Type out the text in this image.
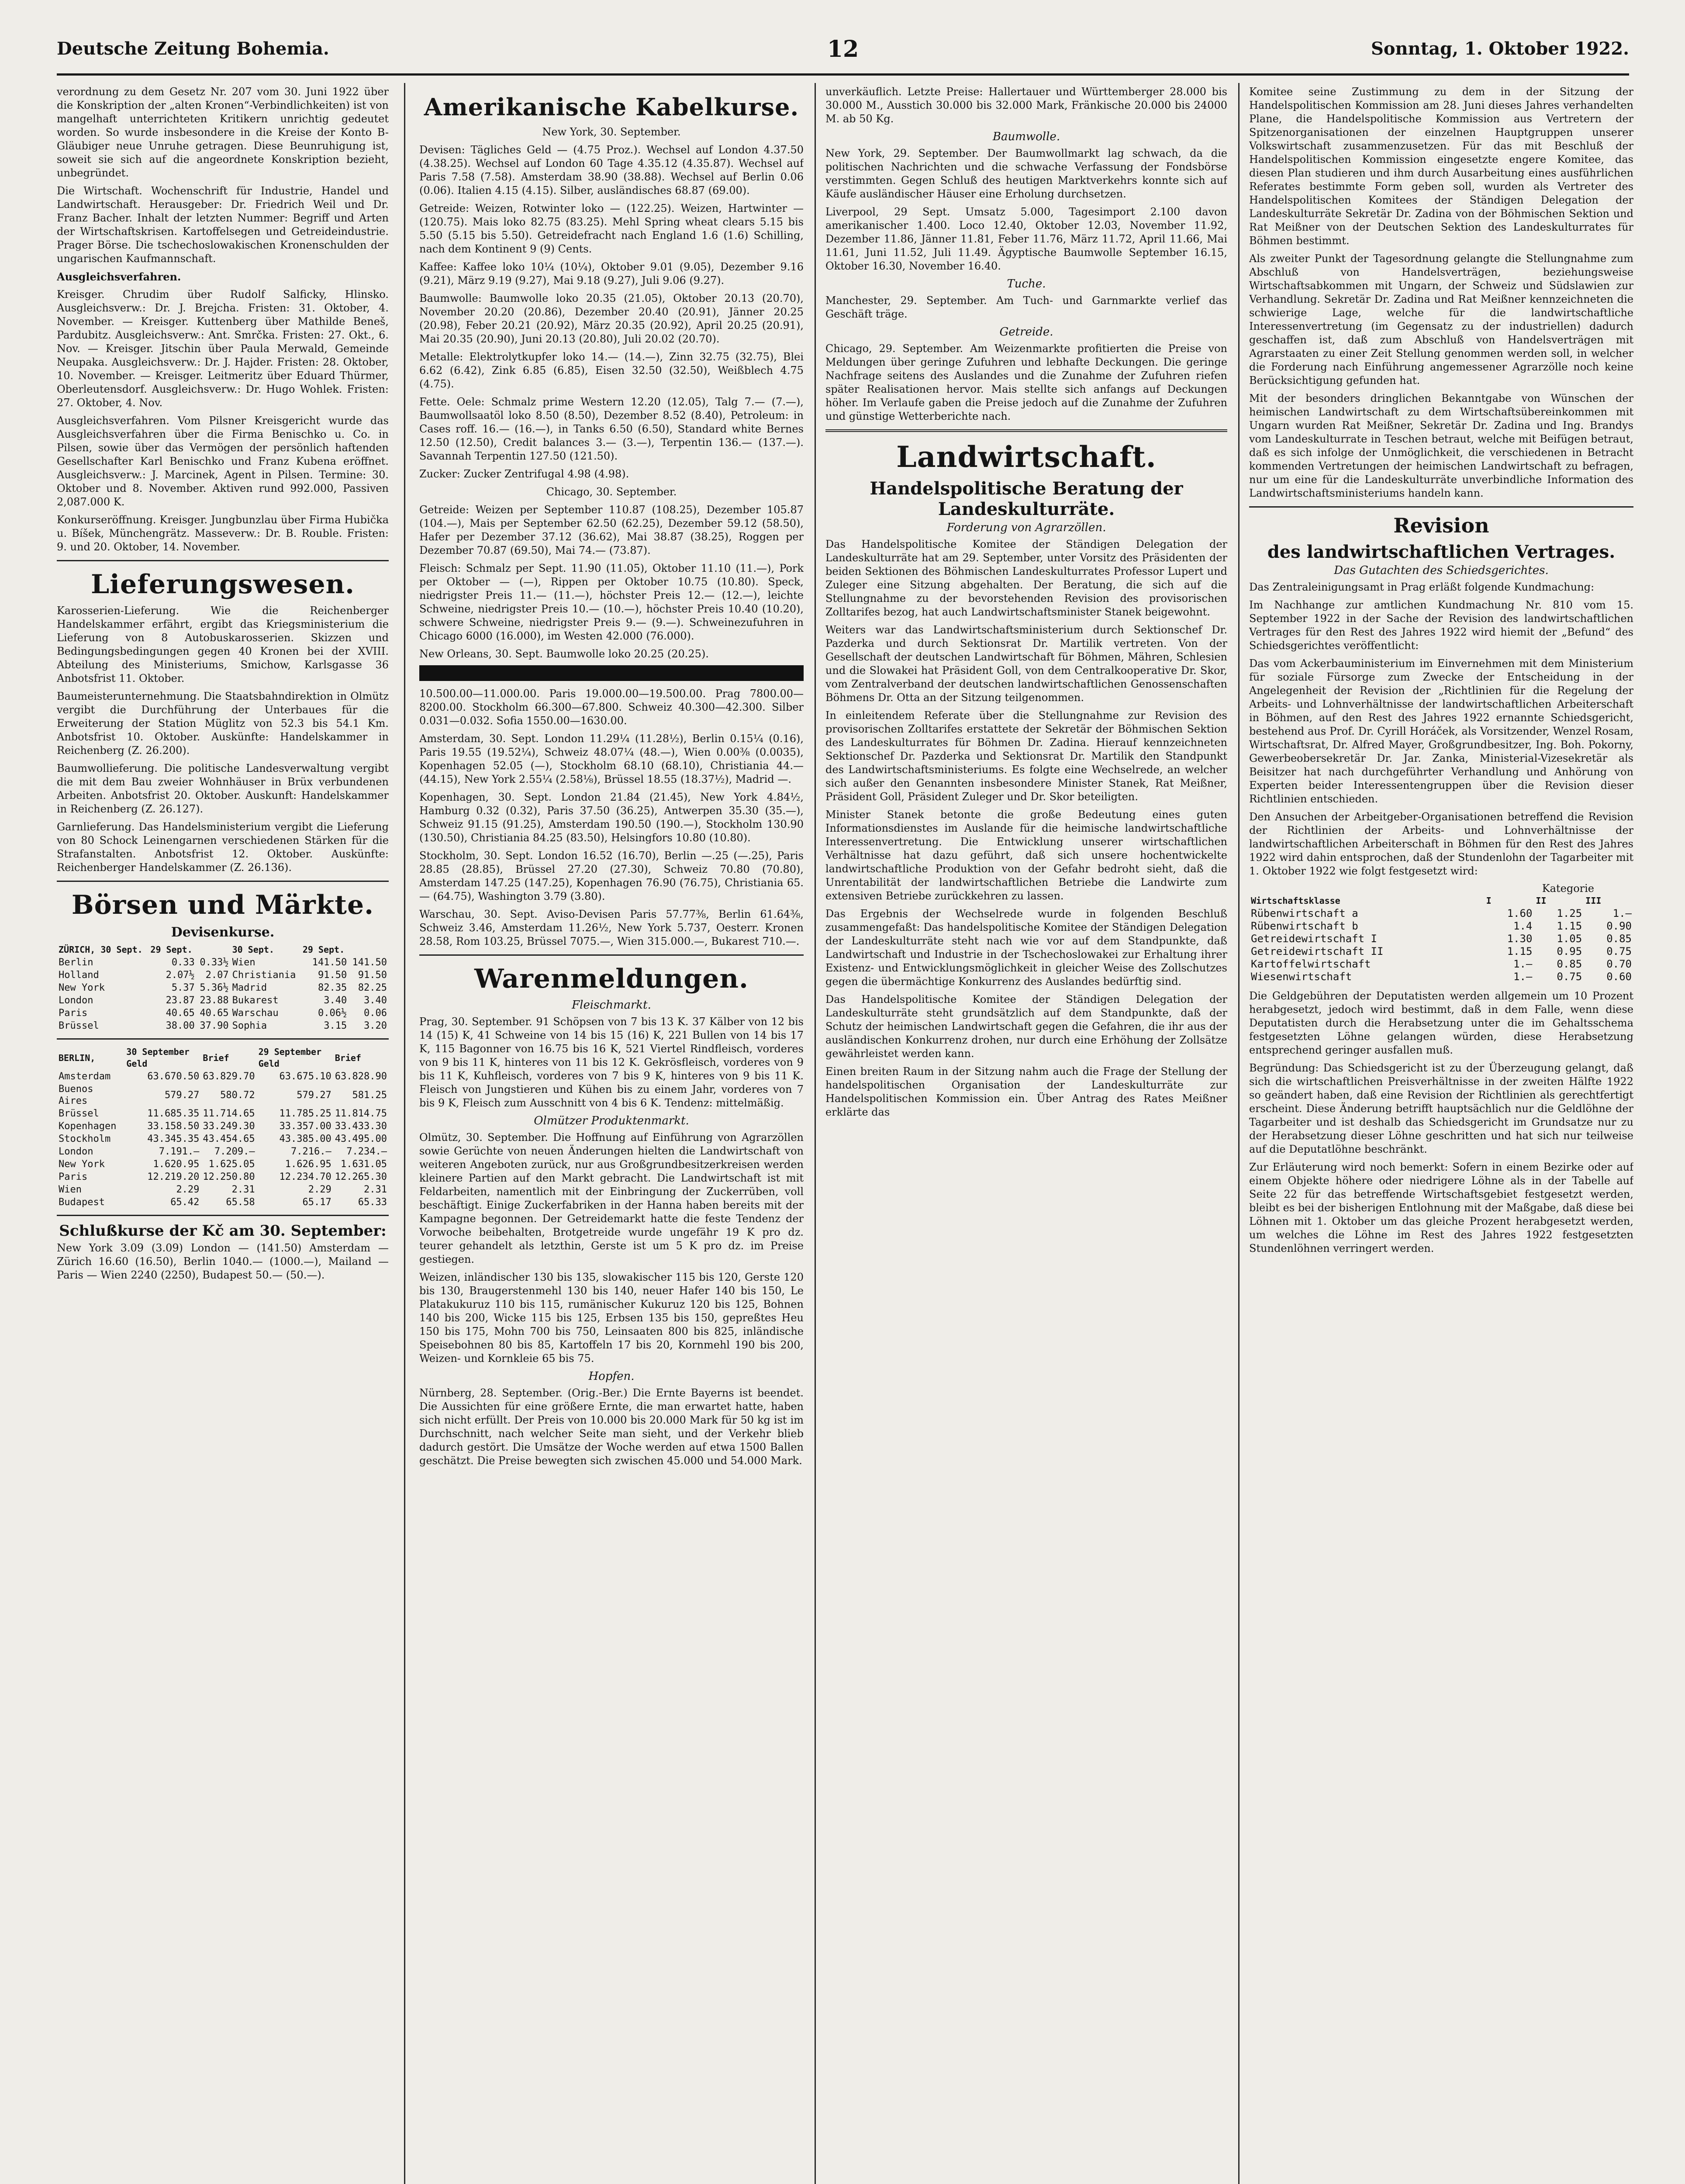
Deutsche Zeitung Bohemia.	12	Sonntag, 1. Oktober 1922.

verordnung zu dem Gesetz Nr. 207 vom 30. Juni 1922 über die Konskription der „alten Kronen“-Verbindlichkeiten) ist von mangelhaft unterrichteten Kritikern unrichtig gedeutet worden. So wurde insbesondere in die Kreise der Konto B-Gläubiger neue Unruhe getragen. Diese Beunruhigung ist, soweit sie sich auf die angeordnete Konskription bezieht, unbegründet.

Die Wirtschaft. Wochenschrift für Industrie, Handel und Landwirtschaft. Herausgeber: Dr. Friedrich Weil und Dr. Franz Bacher. Inhalt der letzten Nummer: Begriff und Arten der Wirtschaftskrisen. Kartoffelsegen und Getreideindustrie. Prager Börse. Die tschechoslowakischen Kronenschulden der ungarischen Kaufmannschaft.

Ausgleichsverfahren.

Kreisger. Chrudim über Rudolf Salficky, Hlinsko. Ausgleichsverw.: Dr. J. Brejcha. Fristen: 31. Oktober, 4. November. — Kreisger. Kuttenberg über Mathilde Beneš, Pardubitz. Ausgleichsverw.: Ant. Smrčka. Fristen: 27. Okt., 6. Nov. — Kreisger. Jitschin über Paula Merwald, Gemeinde Neupaka. Ausgleichsverw.: Dr. J. Hajder. Fristen: 28. Oktober, 10. November. — Kreisger. Leitmeritz über Eduard Thürmer, Oberleutensdorf. Ausgleichsverw.: Dr. Hugo Wohlek. Fristen: 27. Oktober, 4. Nov.

Ausgleichsverfahren. Vom Pilsner Kreisgericht wurde das Ausgleichsverfahren über die Firma Benischko u. Co. in Pilsen, sowie über das Vermögen der persönlich haftenden Gesellschafter Karl Benischko und Franz Kubena eröffnet. Ausgleichsverw.: J. Marcinek, Agent in Pilsen. Termine: 30. Oktober und 8. November. Aktiven rund 992.000, Passiven 2,087.000 K.

Konkurseröffnung. Kreisger. Jungbunzlau über Firma Hubička u. Bíšek, Münchengrätz. Masseverw.: Dr. B. Rouble. Fristen: 9. und 20. Oktober, 14. November.

Lieferungswesen.

Karosserien-Lieferung. Wie die Reichenberger Handelskammer erfährt, ergibt das Kriegsministerium die Lieferung von 8 Autobuskarosserien. Skizzen und Bedingungsbedingungen gegen 40 Kronen bei der XVIII. Abteilung des Ministeriums, Smichow, Karlsgasse 36 Anbotsfrist 11. Oktober.

Baumeisterunternehmung. Die Staatsbahndirektion in Olmütz vergibt die Durchführung der Unterbaues für die Erweiterung der Station Müglitz von 52.3 bis 54.1 Km. Anbotsfrist 10. Oktober. Auskünfte: Handelskammer in Reichenberg (Z. 26.200).

Baumwollieferung. Die politische Landesverwaltung vergibt die mit dem Bau zweier Wohnhäuser in Brüx verbundenen Arbeiten. Anbotsfrist 20. Oktober. Auskunft: Handelskammer in Reichenberg (Z. 26.127).

Garnlieferung. Das Handelsministerium vergibt die Lieferung von 80 Schock Leinengarnen verschiedenen Stärken für die Strafanstalten. Anbotsfrist 12. Oktober. Auskünfte: Reichenberger Handelskammer (Z. 26.136).

Börsen und Märkte.
Devisenkurse.
ZÜRICH, 30 Sept.	29 Sept.		30 Sept.	29 Sept.	
Berlin	0.33	0.33½	Wien	141.50	141.50
Holland	2.07½	2.07	Christiania	91.50	91.50
New York	5.37	5.36½	Madrid	82.35	82.25
London	23.87	23.88	Bukarest	3.40	3.40
Paris	40.65	40.65	Warschau	0.06½	0.06
Brüssel	38.00	37.90	Sophia	3.15	3.20
BERLIN,	30 September Geld	Brief	29 September Geld	Brief
Amsterdam	63.670.50	63.829.70	63.675.10	63.828.90
Buenos Aires	579.27	580.72	579.27	581.25
Brüssel	11.685.35	11.714.65	11.785.25	11.814.75
Kopenhagen	33.158.50	33.249.30	33.357.00	33.433.30
Stockholm	43.345.35	43.454.65	43.385.00	43.495.00
London	7.191.—	7.209.—	7.216.—	7.234.—
New York	1.620.95	1.625.05	1.626.95	1.631.05
Paris	12.219.20	12.250.80	12.234.70	12.265.30
Wien	2.29	2.31	2.29	2.31
Budapest	65.42	65.58	65.17	65.33
Schlußkurse der Kč am 30. September:

New York 3.09 (3.09) London — (141.50) Amsterdam — Zürich 16.60 (16.50), Berlin 1040.— (1000.—), Mailand — Paris — Wien 2240 (2250), Budapest 50.— (50.—).

Amerikanische Kabelkurse.

New York, 30. September.

Devisen: Tägliches Geld — (4.75 Proz.). Wechsel auf London 4.37.50 (4.38.25). Wechsel auf London 60 Tage 4.35.12 (4.35.87). Wechsel auf Paris 7.58 (7.58). Amsterdam 38.90 (38.88). Wechsel auf Berlin 0.06 (0.06). Italien 4.15 (4.15). Silber, ausländisches 68.87 (69.00).

Getreide: Weizen, Rotwinter loko — (122.25). Weizen, Hartwinter — (120.75). Mais loko 82.75 (83.25). Mehl Spring wheat clears 5.15 bis 5.50 (5.15 bis 5.50). Getreidefracht nach England 1.6 (1.6) Schilling, nach dem Kontinent 9 (9) Cents.

Kaffee: Kaffee loko 10¼ (10¼), Oktober 9.01 (9.05), Dezember 9.16 (9.21), März 9.19 (9.27), Mai 9.18 (9.27), Juli 9.06 (9.27).

Baumwolle: Baumwolle loko 20.35 (21.05), Oktober 20.13 (20.70), November 20.20 (20.86), Dezember 20.40 (20.91), Jänner 20.25 (20.98), Feber 20.21 (20.92), März 20.35 (20.92), April 20.25 (20.91), Mai 20.35 (20.90), Juni 20.13 (20.80), Juli 20.02 (20.70).

Metalle: Elektrolytkupfer loko 14.— (14.—), Zinn 32.75 (32.75), Blei 6.62 (6.42), Zink 6.85 (6.85), Eisen 32.50 (32.50), Weißblech 4.75 (4.75).

Fette. Oele: Schmalz prime Western 12.20 (12.05), Talg 7.— (7.—), Baumwollsaatöl loko 8.50 (8.50), Dezember 8.52 (8.40), Petroleum: in Cases roff. 16.— (16.—), in Tanks 6.50 (6.50), Standard white Bernes 12.50 (12.50), Credit balances 3.— (3.—), Terpentin 136.— (137.—). Savannah Terpentin 127.50 (121.50).

Zucker: Zucker Zentrifugal 4.98 (4.98).

Chicago, 30. September.

Getreide: Weizen per September 110.87 (108.25), Dezember 105.87 (104.—), Mais per September 62.50 (62.25), Dezember 59.12 (58.50), Hafer per Dezember 37.12 (36.62), Mai 38.87 (38.25), Roggen per Dezember 70.87 (69.50), Mai 74.— (73.87).

Fleisch: Schmalz per Sept. 11.90 (11.05), Oktober 11.10 (11.—), Pork per Oktober — (—), Rippen per Oktober 10.75 (10.80). Speck, niedrigster Preis 11.— (11.—), höchster Preis 12.— (12.—), leichte Schweine, niedrigster Preis 10.— (10.—), höchster Preis 10.40 (10.20), schwere Schweine, niedrigster Preis 9.— (9.—). Schweinezufuhren in Chicago 6000 (16.000), im Westen 42.000 (76.000).

New Orleans, 30. Sept. Baumwolle loko 20.25 (20.25).

10.500.00—11.000.00. Paris 19.000.00—19.500.00. Prag 7800.00—8200.00. Stockholm 66.300—67.800. Schweiz 40.300—42.300. Silber 0.031—0.032. Sofia 1550.00—1630.00.

Amsterdam, 30. Sept. London 11.29¼ (11.28½), Berlin 0.15¼ (0.16), Paris 19.55 (19.52¼), Schweiz 48.07¼ (48.—), Wien 0.00⅜ (0.0035), Kopenhagen 52.05 (—), Stockholm 68.10 (68.10), Christiania 44.— (44.15), New York 2.55¼ (2.58⅛), Brüssel 18.55 (18.37½), Madrid —.

Kopenhagen, 30. Sept. London 21.84 (21.45), New York 4.84½, Hamburg 0.32 (0.32), Paris 37.50 (36.25), Antwerpen 35.30 (35.—), Schweiz 91.15 (91.25), Amsterdam 190.50 (190.—), Stockholm 130.90 (130.50), Christiania 84.25 (83.50), Helsingfors 10.80 (10.80).

Stockholm, 30. Sept. London 16.52 (16.70), Berlin —.25 (—.25), Paris 28.85 (28.85), Brüssel 27.20 (27.30), Schweiz 70.80 (70.80), Amsterdam 147.25 (147.25), Kopenhagen 76.90 (76.75), Christiania 65.— (64.75), Washington 3.79 (3.80).

Warschau, 30. Sept. Aviso-Devisen Paris 57.77⅜, Berlin 61.64⅜, Schweiz 3.46, Amsterdam 11.26½, New York 5.737, Oesterr. Kronen 28.58, Rom 103.25, Brüssel 7075.—, Wien 315.000.—, Bukarest 710.—.

Warenmeldungen.
Fleischmarkt.

Prag, 30. September. 91 Schöpsen von 7 bis 13 K. 37 Kälber von 12 bis 14 (15) K, 41 Schweine von 14 bis 15 (16) K, 221 Bullen von 14 bis 17 K, 115 Bagonner von 16.75 bis 16 K, 521 Viertel Rindfleisch, vorderes von 9 bis 11 K, hinteres von 11 bis 12 K. Gekrösfleisch, vorderes von 9 bis 11 K, Kuhfleisch, vorderes von 7 bis 9 K, hinteres von 9 bis 11 K. Fleisch von Jungstieren und Kühen bis zu einem Jahr, vorderes von 7 bis 9 K, Fleisch zum Ausschnitt von 4 bis 6 K. Tendenz: mittelmäßig.

Olmützer Produktenmarkt.

Olmütz, 30. September. Die Hoffnung auf Einführung von Agrarzöllen sowie Gerüchte von neuen Änderungen hielten die Landwirtschaft von weiteren Angeboten zurück, nur aus Großgrundbesitzerkreisen werden kleinere Partien auf den Markt gebracht. Die Landwirtschaft ist mit Feldarbeiten, namentlich mit der Einbringung der Zuckerrüben, voll beschäftigt. Einige Zuckerfabriken in der Hanna haben bereits mit der Kampagne begonnen. Der Getreidemarkt hatte die feste Tendenz der Vorwoche beibehalten, Brotgetreide wurde ungefähr 19 K pro dz. teurer gehandelt als letzthin, Gerste ist um 5 K pro dz. im Preise gestiegen.

Weizen, inländischer 130 bis 135, slowakischer 115 bis 120, Gerste 120 bis 130, Braugerstenmehl 130 bis 140, neuer Hafer 140 bis 150, Le Platakukuruz 110 bis 115, rumänischer Kukuruz 120 bis 125, Bohnen 140 bis 200, Wicke 115 bis 125, Erbsen 135 bis 150, gepreßtes Heu 150 bis 175, Mohn 700 bis 750, Leinsaaten 800 bis 825, inländische Speisebohnen 80 bis 85, Kartoffeln 17 bis 20, Kornmehl 190 bis 200, Weizen- und Kornkleie 65 bis 75.

Hopfen.

Nürnberg, 28. September. (Orig.-Ber.) Die Ernte Bayerns ist beendet. Die Aussichten für eine größere Ernte, die man erwartet hatte, haben sich nicht erfüllt. Der Preis von 10.000 bis 20.000 Mark für 50 kg ist im Durchschnitt, nach welcher Seite man sieht, und der Verkehr blieb dadurch gestört. Die Umsätze der Woche werden auf etwa 1500 Ballen geschätzt. Die Preise bewegten sich zwischen 45.000 und 54.000 Mark.

unverkäuflich. Letzte Preise: Hallertauer und Württemberger 28.000 bis 30.000 M., Ausstich 30.000 bis 32.000 Mark, Fränkische 20.000 bis 24000 M. ab 50 Kg.

Baumwolle.

New York, 29. September. Der Baumwollmarkt lag schwach, da die politischen Nachrichten und die schwache Verfassung der Fondsbörse verstimmten. Gegen Schluß des heutigen Marktverkehrs konnte sich auf Käufe ausländischer Häuser eine Erholung durchsetzen.

Liverpool, 29 Sept. Umsatz 5.000, Tagesimport 2.100 davon amerikanischer 1.400. Loco 12.40, Oktober 12.03, November 11.92, Dezember 11.86, Jänner 11.81, Feber 11.76, März 11.72, April 11.66, Mai 11.61, Juni 11.52, Juli 11.49. Ägyptische Baumwolle September 16.15, Oktober 16.30, November 16.40.

Tuche.

Manchester, 29. September. Am Tuch- und Garnmarkte verlief das Geschäft träge.

Getreide.

Chicago, 29. September. Am Weizenmarkte profitierten die Preise von Meldungen über geringe Zufuhren und lebhafte Deckungen. Die geringe Nachfrage seitens des Auslandes und die Zunahme der Zufuhren riefen später Realisationen hervor. Mais stellte sich anfangs auf Deckungen höher. Im Verlaufe gaben die Preise jedoch auf die Zunahme der Zufuhren und günstige Wetterberichte nach.

Landwirtschaft.
Handelspolitische Beratung der Landeskulturräte.
Forderung von Agrarzöllen.

Das Handelspolitische Komitee der Ständigen Delegation der Landeskulturräte hat am 29. September, unter Vorsitz des Präsidenten der beiden Sektionen des Böhmischen Landeskulturrates Professor Lupert und Zuleger eine Sitzung abgehalten. Der Beratung, die sich auf die Stellungnahme zu der bevorstehenden Revision des provisorischen Zolltarifes bezog, hat auch Landwirtschaftsminister Stanek beigewohnt.

Weiters war das Landwirtschaftsministerium durch Sektionschef Dr. Pazderka und durch Sektionsrat Dr. Martilik vertreten. Von der Gesellschaft der deutschen Landwirtschaft für Böhmen, Mähren, Schlesien und die Slowakei hat Präsident Goll, von dem Centralkooperative Dr. Skor, vom Zentralverband der deutschen landwirtschaftlichen Genossenschaften Böhmens Dr. Otta an der Sitzung teilgenommen.

In einleitendem Referate über die Stellungnahme zur Revision des provisorischen Zolltarifes erstattete der Sekretär der Böhmischen Sektion des Landeskulturrates für Böhmen Dr. Zadina. Hierauf kennzeichneten Sektionschef Dr. Pazderka und Sektionsrat Dr. Martilik den Standpunkt des Landwirtschaftsministeriums. Es folgte eine Wechselrede, an welcher sich außer den Genannten insbesondere Minister Stanek, Rat Meißner, Präsident Goll, Präsident Zuleger und Dr. Skor beteiligten.

Minister Stanek betonte die große Bedeutung eines guten Informationsdienstes im Auslande für die heimische landwirtschaftliche Interessenvertretung. Die Entwicklung unserer wirtschaftlichen Verhältnisse hat dazu geführt, daß sich unsere hochentwickelte landwirtschaftliche Produktion von der Gefahr bedroht sieht, daß die Unrentabilität der landwirtschaftlichen Betriebe die Landwirte zum extensiven Betriebe zurückkehren zu lassen.

Das Ergebnis der Wechselrede wurde in folgenden Beschluß zusammengefaßt: Das handelspolitische Komitee der Ständigen Delegation der Landeskulturräte steht nach wie vor auf dem Standpunkte, daß Landwirtschaft und Industrie in der Tschechoslowakei zur Erhaltung ihrer Existenz- und Entwicklungsmöglichkeit in gleicher Weise des Zollschutzes gegen die übermächtige Konkurrenz des Auslandes bedürftig sind.

Das Handelspolitische Komitee der Ständigen Delegation der Landeskulturräte steht grundsätzlich auf dem Standpunkte, daß der Schutz der heimischen Landwirtschaft gegen die Gefahren, die ihr aus der ausländischen Konkurrenz drohen, nur durch eine Erhöhung der Zollsätze gewährleistet werden kann.

Einen breiten Raum in der Sitzung nahm auch die Frage der Stellung der handelspolitischen Organisation der Landeskulturräte zur Handelspolitischen Kommission ein. Über Antrag des Rates Meißner erklärte das

Komitee seine Zustimmung zu dem in der Sitzung der Handelspolitischen Kommission am 28. Juni dieses Jahres verhandelten Plane, die Handelspolitische Kommission aus Vertretern der Spitzenorganisationen der einzelnen Hauptgruppen unserer Volkswirtschaft zusammenzusetzen. Für das mit Beschluß der Handelspolitischen Kommission eingesetzte engere Komitee, das diesen Plan studieren und ihm durch Ausarbeitung eines ausführlichen Referates bestimmte Form geben soll, wurden als Vertreter des Handelspolitischen Komitees der Ständigen Delegation der Landeskulturräte Sekretär Dr. Zadina von der Böhmischen Sektion und Rat Meißner von der Deutschen Sektion des Landeskulturrates für Böhmen bestimmt.

Als zweiter Punkt der Tagesordnung gelangte die Stellungnahme zum Abschluß von Handelsverträgen, beziehungsweise Wirtschaftsabkommen mit Ungarn, der Schweiz und Südslawien zur Verhandlung. Sekretär Dr. Zadina und Rat Meißner kennzeichneten die schwierige Lage, welche für die landwirtschaftliche Interessenvertretung (im Gegensatz zu der industriellen) dadurch geschaffen ist, daß zum Abschluß von Handelsverträgen mit Agrarstaaten zu einer Zeit Stellung genommen werden soll, in welcher die Forderung nach Einführung angemessener Agrarzölle noch keine Berücksichtigung gefunden hat.

Mit der besonders dringlichen Bekanntgabe von Wünschen der heimischen Landwirtschaft zu dem Wirtschaftsübereinkommen mit Ungarn wurden Rat Meißner, Sekretär Dr. Zadina und Ing. Brandys vom Landeskulturrate in Teschen betraut, welche mit Beifügen betraut, daß es sich infolge der Unmöglichkeit, die verschiedenen in Betracht kommenden Vertretungen der heimischen Landwirtschaft zu befragen, nur um eine für die Landeskulturräte unverbindliche Information des Landwirtschaftsministeriums handeln kann.

Revision
des landwirtschaftlichen Vertrages.
Das Gutachten des Schiedsgerichtes.

Das Zentraleinigungsamt in Prag erläßt folgende Kundmachung:

Im Nachhange zur amtlichen Kundmachung Nr. 810 vom 15. September 1922 in der Sache der Revision des landwirtschaftlichen Vertrages für den Rest des Jahres 1922 wird hiemit der „Befund“ des Schiedsgerichtes veröffentlicht:

Das vom Ackerbauministerium im Einvernehmen mit dem Ministerium für soziale Fürsorge zum Zwecke der Entscheidung in der Angelegenheit der Revision der „Richtlinien für die Regelung der Arbeits- und Lohnverhältnisse der landwirtschaftlichen Arbeiterschaft in Böhmen, auf den Rest des Jahres 1922 ernannte Schiedsgericht, bestehend aus Prof. Dr. Cyrill Horáček, als Vorsitzender, Wenzel Rosam, Wirtschaftsrat, Dr. Alfred Mayer, Großgrundbesitzer, Ing. Boh. Pokorny, Gewerbeobersekretär Dr. Jar. Zanka, Ministerial-Vizesekretär als Beisitzer hat nach durchgeführter Verhandlung und Anhörung von Experten beider Interessentengruppen über die Revision dieser Richtlinien entschieden.

Den Ansuchen der Arbeitgeber-Organisationen betreffend die Revision der Richtlinien der Arbeits- und Lohnverhältnisse der landwirtschaftlichen Arbeiterschaft in Böhmen für den Rest des Jahres 1922 wird dahin entsprochen, daß der Stundenlohn der Tagarbeiter mit 1. Oktober 1922 wie folgt festgesetzt wird:

Kategorie
Wirtschaftsklasse	I	II	III
Rübenwirtschaft a	1.60	1.25	1.—
Rübenwirtschaft b	1.4	1.15	0.90
Getreidewirtschaft I	1.30	1.05	0.85
Getreidewirtschaft II	1.15	0.95	0.75
Kartoffelwirtschaft	1.—	0.85	0.70
Wiesenwirtschaft	1.—	0.75	0.60

Die Geldgebühren der Deputatisten werden allgemein um 10 Prozent herabgesetzt, jedoch wird bestimmt, daß in dem Falle, wenn diese Deputatisten durch die Herabsetzung unter die im Gehaltsschema festgesetzten Löhne gelangen würden, diese Herabsetzung entsprechend geringer ausfallen muß.

Begründung: Das Schiedsgericht ist zu der Überzeugung gelangt, daß sich die wirtschaftlichen Preisverhältnisse in der zweiten Hälfte 1922 so geändert haben, daß eine Revision der Richtlinien als gerechtfertigt erscheint. Diese Änderung betrifft hauptsächlich nur die Geldlöhne der Tagarbeiter und ist deshalb das Schiedsgericht im Grundsatze nur zu der Herabsetzung dieser Löhne geschritten und hat sich nur teilweise auf die Deputatlöhne beschränkt.

Zur Erläuterung wird noch bemerkt: Sofern in einem Bezirke oder auf einem Objekte höhere oder niedrigere Löhne als in der Tabelle auf Seite 22 für das betreffende Wirtschaftsgebiet festgesetzt werden, bleibt es bei der bisherigen Entlohnung mit der Maßgabe, daß diese bei Löhnen mit 1. Oktober um das gleiche Prozent herabgesetzt werden, um welches die Löhne im Rest des Jahres 1922 festgesetzten Stundenlöhnen verringert werden.
